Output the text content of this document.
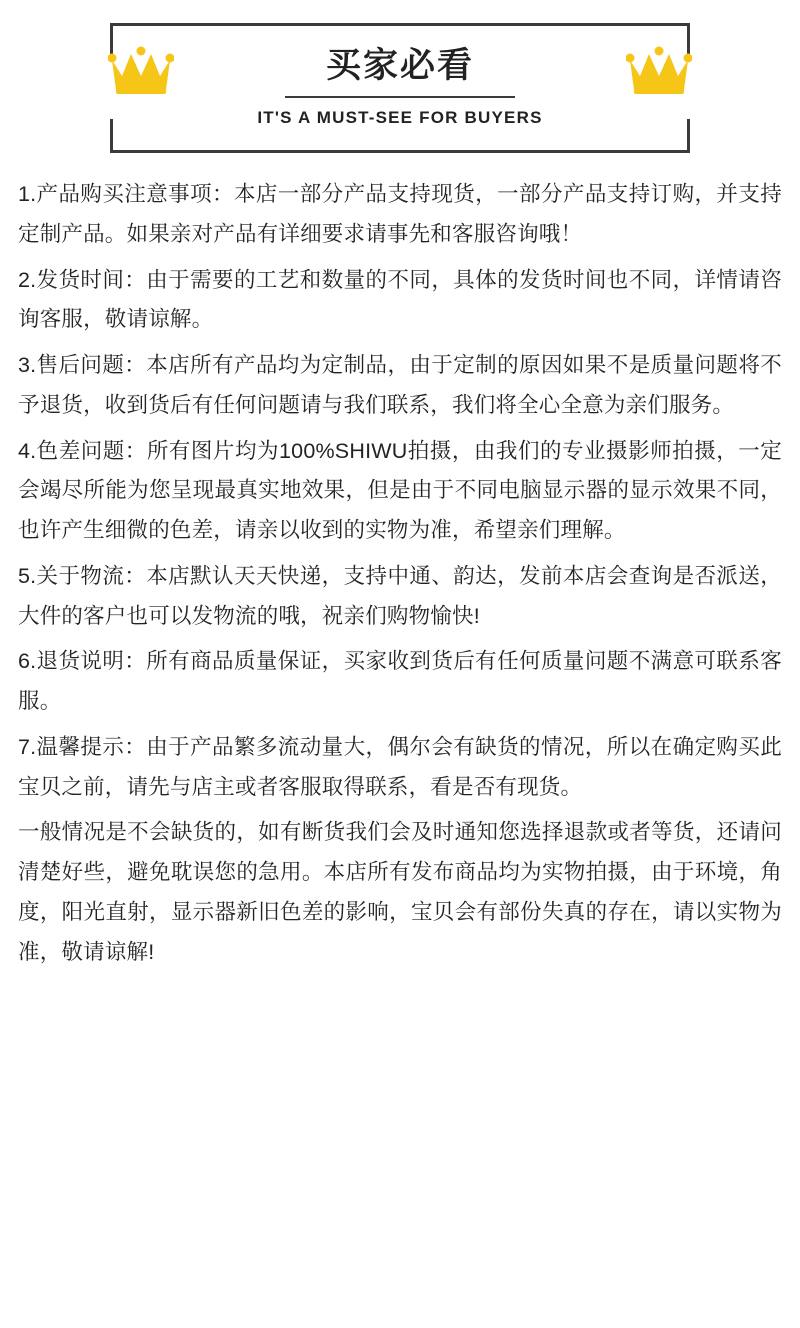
买家必看
IT'S A MUST-SEE FOR BUYERS

1.产品购买注意事项：本店一部分产品支持现货，一部分产品支持订购，并支持定制产品。如果亲对产品有详细要求请事先和客服咨询哦！

2.发货时间：由于需要的工艺和数量的不同，具体的发货时间也不同，详情请咨询客服，敬请谅解。

3.售后问题：本店所有产品均为定制品，由于定制的原因如果不是质量问题将不予退货，收到货后有任何问题请与我们联系，我们将全心全意为亲们服务。

4.色差问题：所有图片均为100%SHIWU拍摄，由我们的专业摄影师拍摄，一定会竭尽所能为您呈现最真实地效果，但是由于不同电脑显示器的显示效果不同，也许产生细微的色差，请亲以收到的实物为准，希望亲们理解。

5.关于物流：本店默认天天快递，支持中通、韵达，发前本店会查询是否派送，大件的客户也可以发物流的哦，祝亲们购物愉快!

6.退货说明：所有商品质量保证，买家收到货后有任何质量问题不满意可联系客服。

7.温馨提示：由于产品繁多流动量大，偶尔会有缺货的情况，所以在确定购买此宝贝之前，请先与店主或者客服取得联系，看是否有现货。

一般情况是不会缺货的，如有断货我们会及时通知您选择退款或者等货，还请问清楚好些，避免耽误您的急用。本店所有发布商品均为实物拍摄，由于环境，角度，阳光直射，显示器新旧色差的影响，宝贝会有部份失真的存在，请以实物为准，敬请谅解!
